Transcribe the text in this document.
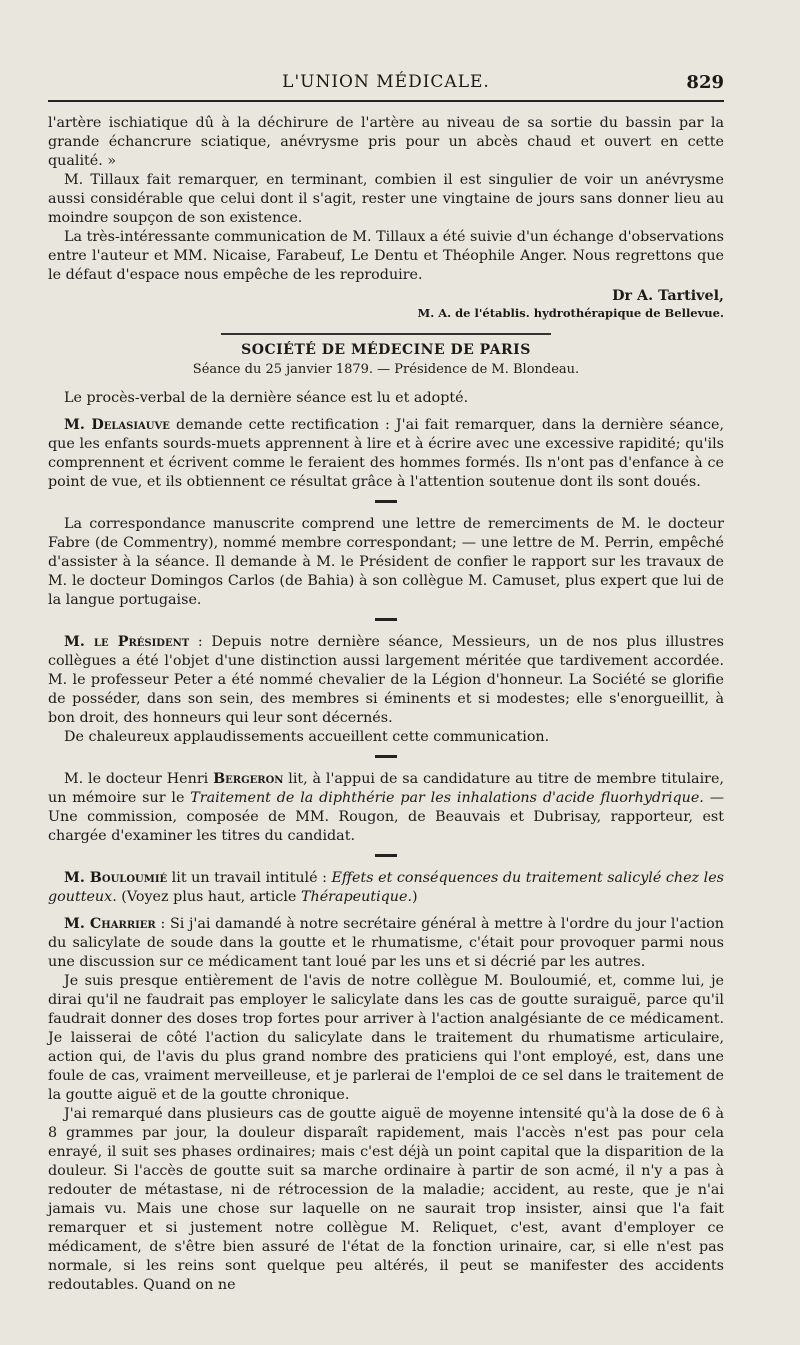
L'UNION MÉDICALE.	829

l'artère ischiatique dû à la déchirure de l'artère au niveau de sa sortie du bassin par la grande échancrure sciatique, anévrysme pris pour un abcès chaud et ouvert en cette qualité. »

M. Tillaux fait remarquer, en terminant, combien il est singulier de voir un anévrysme aussi considérable que celui dont il s'agit, rester une vingtaine de jours sans donner lieu au moindre soupçon de son existence.

La très-intéressante communication de M. Tillaux a été suivie d'un échange d'observations entre l'auteur et MM. Nicaise, Farabeuf, Le Dentu et Théophile Anger. Nous regrettons que le défaut d'espace nous empêche de les reproduire.

Dr A. Tartivel,
M. A. de l'établis. hydrothérapique de Bellevue.
SOCIÉTÉ DE MÉDECINE DE PARIS
Séance du 25 janvier 1879. — Présidence de M. Blondeau.

Le procès-verbal de la dernière séance est lu et adopté.

M. Delasiauve demande cette rectification : J'ai fait remarquer, dans la dernière séance, que les enfants sourds-muets apprennent à lire et à écrire avec une excessive rapidité; qu'ils comprennent et écrivent comme le feraient des hommes formés. Ils n'ont pas d'enfance à ce point de vue, et ils obtiennent ce résultat grâce à l'attention soutenue dont ils sont doués.

La correspondance manuscrite comprend une lettre de remerciments de M. le docteur Fabre (de Commentry), nommé membre correspondant; — une lettre de M. Perrin, empêché d'assister à la séance. Il demande à M. le Président de confier le rapport sur les travaux de M. le docteur Domingos Carlos (de Bahia) à son collègue M. Camuset, plus expert que lui de la langue portugaise.

M. le Président : Depuis notre dernière séance, Messieurs, un de nos plus illustres collègues a été l'objet d'une distinction aussi largement méritée que tardivement accordée. M. le professeur Peter a été nommé chevalier de la Légion d'honneur. La Société se glorifie de posséder, dans son sein, des membres si éminents et si modestes; elle s'enorgueillit, à bon droit, des honneurs qui leur sont décernés.

De chaleureux applaudissements accueillent cette communication.

M. le docteur Henri Bergeron lit, à l'appui de sa candidature au titre de membre titulaire, un mémoire sur le Traitement de la diphthérie par les inhalations d'acide fluorhydrique. — Une commission, composée de MM. Rougon, de Beauvais et Dubrisay, rapporteur, est chargée d'examiner les titres du candidat.

M. Bouloumié lit un travail intitulé : Effets et conséquences du traitement salicylé chez les goutteux. (Voyez plus haut, article Thérapeutique.)

M. Charrier : Si j'ai damandé à notre secrétaire général à mettre à l'ordre du jour l'action du salicylate de soude dans la goutte et le rhumatisme, c'était pour provoquer parmi nous une discussion sur ce médicament tant loué par les uns et si décrié par les autres.

Je suis presque entièrement de l'avis de notre collègue M. Bouloumié, et, comme lui, je dirai qu'il ne faudrait pas employer le salicylate dans les cas de goutte suraiguë, parce qu'il faudrait donner des doses trop fortes pour arriver à l'action analgésiante de ce médicament. Je laisserai de côté l'action du salicylate dans le traitement du rhumatisme articulaire, action qui, de l'avis du plus grand nombre des praticiens qui l'ont employé, est, dans une foule de cas, vraiment merveilleuse, et je parlerai de l'emploi de ce sel dans le traitement de la goutte aiguë et de la goutte chronique.

J'ai remarqué dans plusieurs cas de goutte aiguë de moyenne intensité qu'à la dose de 6 à 8 grammes par jour, la douleur disparaît rapidement, mais l'accès n'est pas pour cela enrayé, il suit ses phases ordinaires; mais c'est déjà un point capital que la disparition de la douleur. Si l'accès de goutte suit sa marche ordinaire à partir de son acmé, il n'y a pas à redouter de métastase, ni de rétrocession de la maladie; accident, au reste, que je n'ai jamais vu. Mais une chose sur laquelle on ne saurait trop insister, ainsi que l'a fait remarquer et si justement notre collègue M. Reliquet, c'est, avant d'employer ce médicament, de s'être bien assuré de l'état de la fonction urinaire, car, si elle n'est pas normale, si les reins sont quelque peu altérés, il peut se manifester des accidents redoutables. Quand on ne
